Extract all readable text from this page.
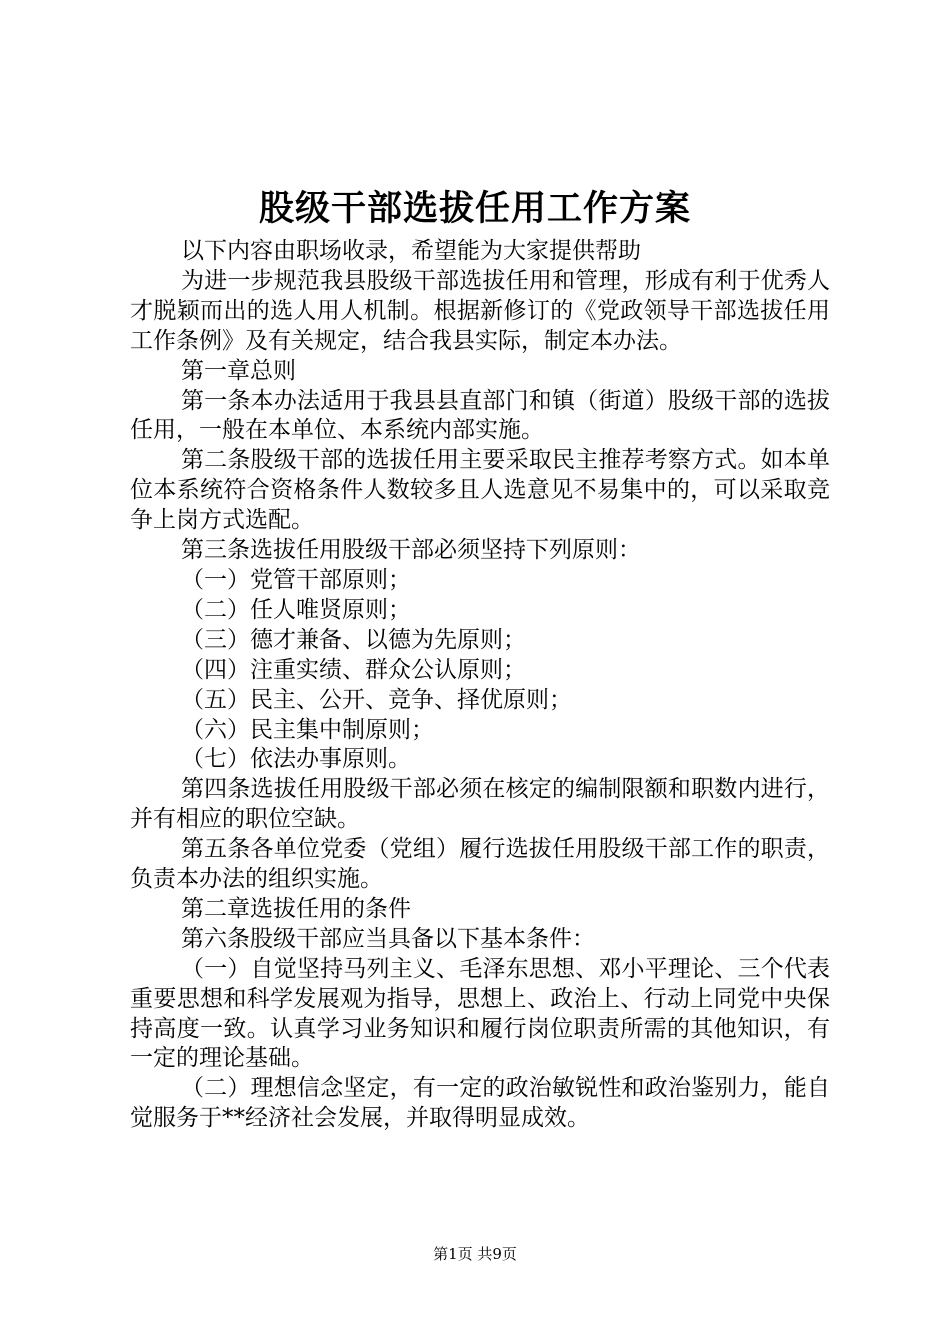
股级干部选拔任用工作方案

以下内容由职场收录，希望能为大家提供帮助

为进一步规范我县股级干部选拔任用和管理，形成有利于优秀人才脱颖而出的选人用人机制。根据新修订的《党政领导干部选拔任用工作条例》及有关规定，结合我县实际，制定本办法。

第一章总则

第一条本办法适用于我县县直部门和镇（街道）股级干部的选拔任用，一般在本单位、本系统内部实施。

第二条股级干部的选拔任用主要采取民主推荐考察方式。如本单位本系统符合资格条件人数较多且人选意见不易集中的，可以采取竞争上岗方式选配。

第三条选拔任用股级干部必须坚持下列原则：

（一）党管干部原则；

（二）任人唯贤原则；

（三）德才兼备、以德为先原则；

（四）注重实绩、群众公认原则；

（五）民主、公开、竞争、择优原则；

（六）民主集中制原则；

（七）依法办事原则。

第四条选拔任用股级干部必须在核定的编制限额和职数内进行，并有相应的职位空缺。

第五条各单位党委（党组）履行选拔任用股级干部工作的职责，负责本办法的组织实施。

第二章选拔任用的条件

第六条股级干部应当具备以下基本条件：

（一）自觉坚持马列主义、毛泽东思想、邓小平理论、三个代表重要思想和科学发展观为指导，思想上、政治上、行动上同党中央保持高度一致。认真学习业务知识和履行岗位职责所需的其他知识，有一定的理论基础。

（二）理想信念坚定，有一定的政治敏锐性和政治鉴别力，能自觉服务于**经济社会发展，并取得明显成效。

第1页 共9页
